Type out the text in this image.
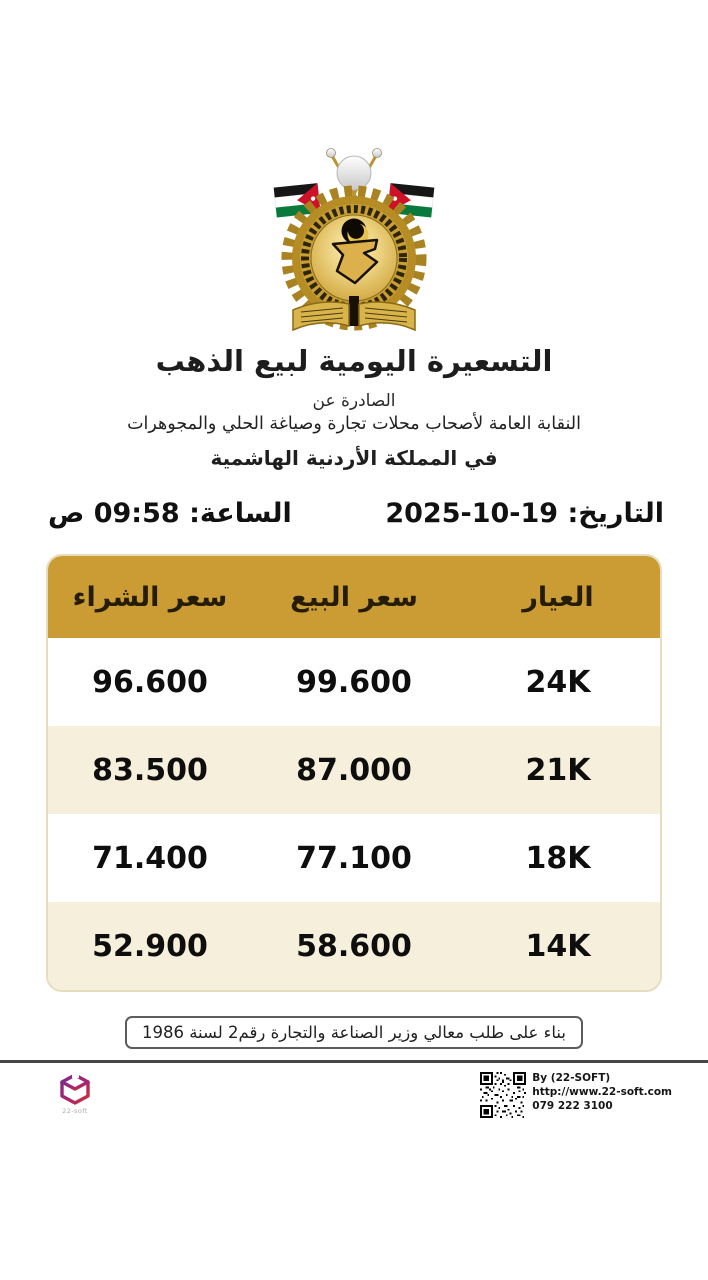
التسعيرة اليومية لبيع الذهب
الصادرة عن
النقابة العامة لأصحاب محلات تجارة وصياغة الحلي والمجوهرات
في المملكة الأردنية الهاشمية
التاريخ: 19-10-2025
الساعة: 09:58 ص
العيار
سعر البيع
سعر الشراء
24K
99.600
96.600
21K
87.000
83.500
18K
77.100
71.400
14K
58.600
52.900
بناء على طلب معالي وزير الصناعة والتجارة رقم2 لسنة 1986
22-soft
By (22-SOFT)
http://www.22-soft.com
079 222 3100
